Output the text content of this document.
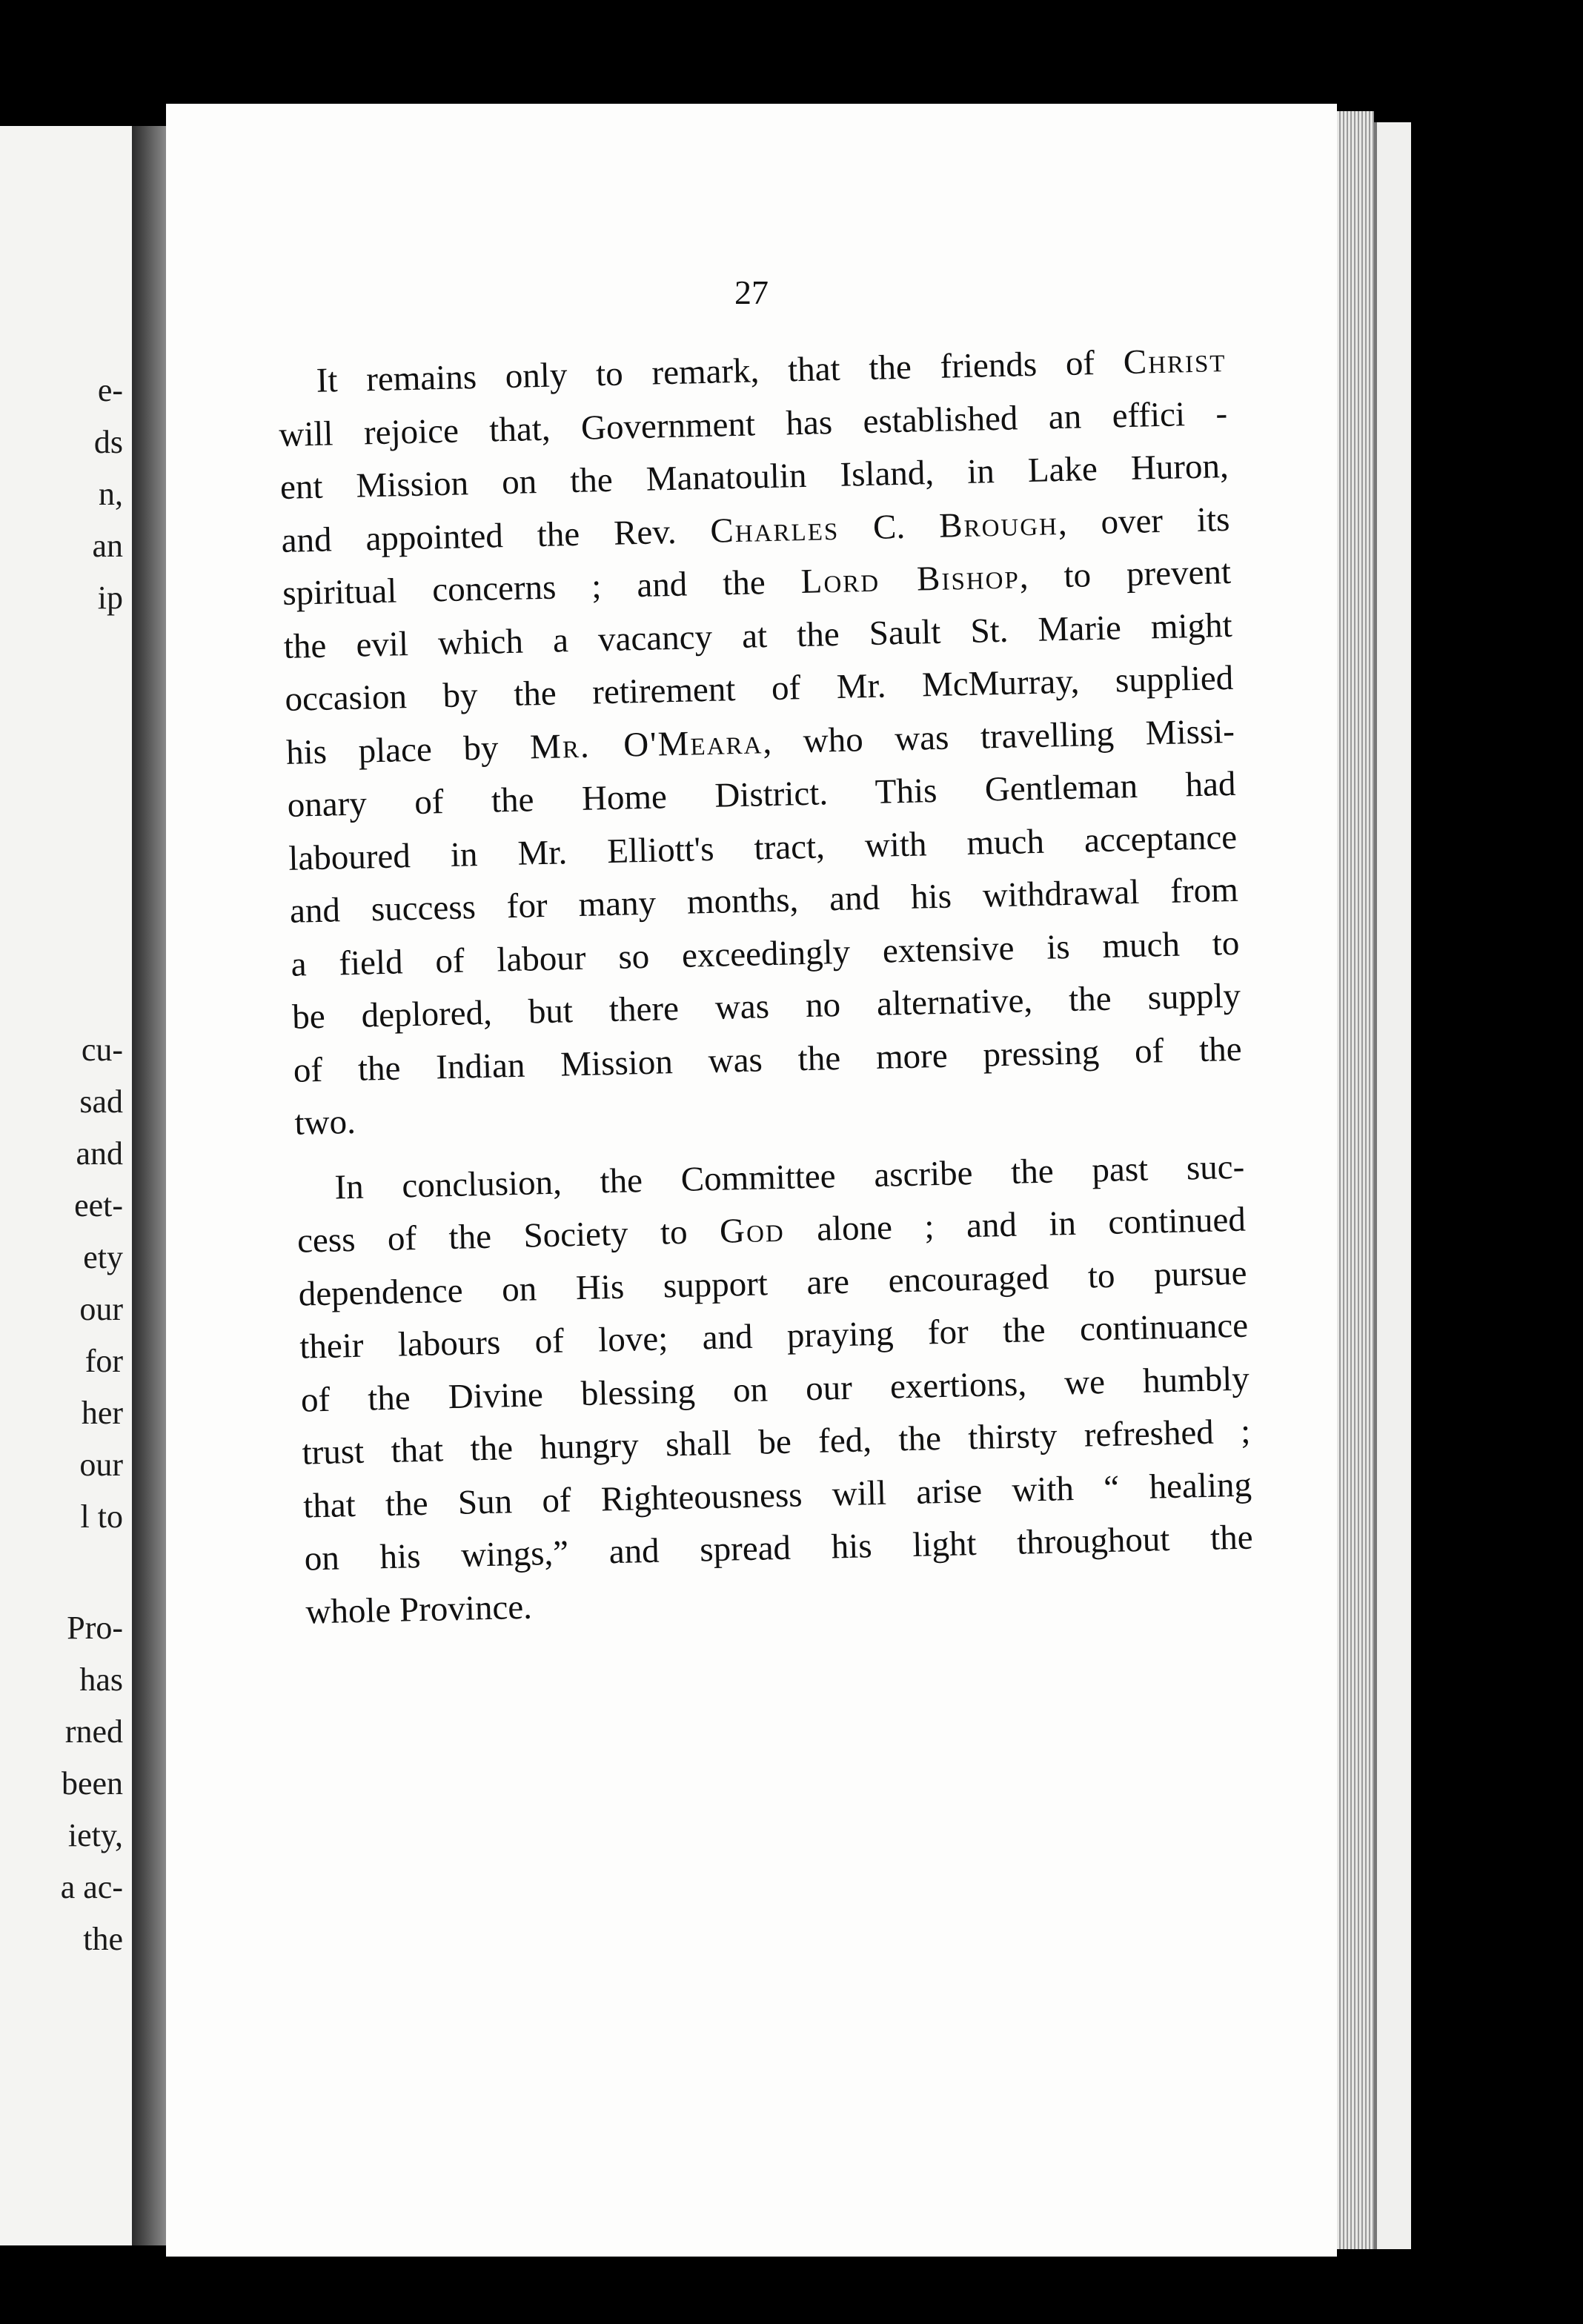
e-
ds
n,
an
ip
cu-
sad
and
eet-
ety
our
for
her
our
l to
Pro-
has
rned
been
iety,
a ac-
the
27
It remains only to remark, that the friends of Christ
will rejoice that, Government has established an effici -
ent Mission on the Manatoulin Island, in Lake Huron,
and appointed the Rev. Charles C. Brough, over its
spiritual concerns ; and the Lord Bishop, to prevent
the evil which a vacancy at the Sault St. Marie might
occasion by the retirement of Mr. McMurray, supplied
his place by Mr. O'Meara, who was travelling Missi-
onary of the Home District. This Gentleman had
laboured in Mr. Elliott's tract, with much acceptance
and success for many months, and his withdrawal from
a field of labour so exceedingly extensive is much to
be deplored, but there was no alternative, the supply
of the Indian Mission was the more pressing of the
two.
In conclusion, the Committee ascribe the past suc-
cess of the Society to God alone ; and in continued
dependence on His support are encouraged to pursue
their labours of love; and praying for the continuance
of the Divine blessing on our exertions, we humbly
trust that the hungry shall be fed, the thirsty refreshed ;
that the Sun of Righteousness will arise with “ healing
on his wings,” and spread his light throughout the
whole Province.
